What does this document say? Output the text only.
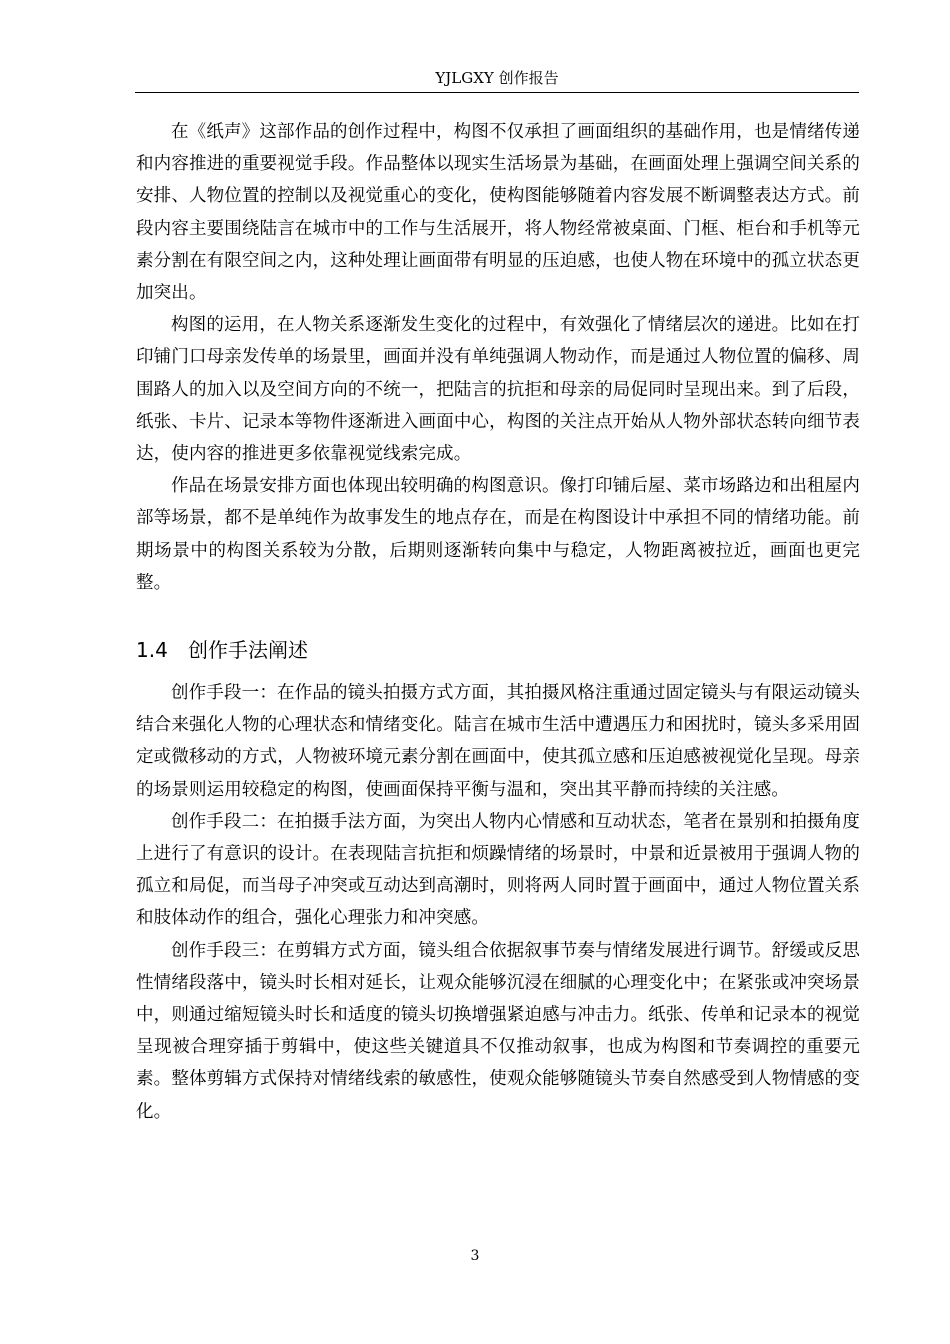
YJLGXY 创作报告

在《纸声》这部作品的创作过程中，构图不仅承担了画面组织的基础作用，也是情绪传递和内容推进的重要视觉手段。作品整体以现实生活场景为基础，在画面处理上强调空间关系的安排、人物位置的控制以及视觉重心的变化，使构图能够随着内容发展不断调整表达方式。前段内容主要围绕陆言在城市中的工作与生活展开，将人物经常被桌面、门框、柜台和手机等元素分割在有限空间之内，这种处理让画面带有明显的压迫感，也使人物在环境中的孤立状态更加突出。

构图的运用，在人物关系逐渐发生变化的过程中，有效强化了情绪层次的递进。比如在打印铺门口母亲发传单的场景里，画面并没有单纯强调人物动作，而是通过人物位置的偏移、周围路人的加入以及空间方向的不统一，把陆言的抗拒和母亲的局促同时呈现出来。到了后段，纸张、卡片、记录本等物件逐渐进入画面中心，构图的关注点开始从人物外部状态转向细节表达，使内容的推进更多依靠视觉线索完成。

作品在场景安排方面也体现出较明确的构图意识。像打印铺后屋、菜市场路边和出租屋内部等场景，都不是单纯作为故事发生的地点存在，而是在构图设计中承担不同的情绪功能。前期场景中的构图关系较为分散，后期则逐渐转向集中与稳定，人物距离被拉近，画面也更完整。

1.4 创作手法阐述

创作手段一：在作品的镜头拍摄方式方面，其拍摄风格注重通过固定镜头与有限运动镜头结合来强化人物的心理状态和情绪变化。陆言在城市生活中遭遇压力和困扰时，镜头多采用固定或微移动的方式，人物被环境元素分割在画面中，使其孤立感和压迫感被视觉化呈现。母亲的场景则运用较稳定的构图，使画面保持平衡与温和，突出其平静而持续的关注感。

创作手段二：在拍摄手法方面，为突出人物内心情感和互动状态，笔者在景别和拍摄角度上进行了有意识的设计。在表现陆言抗拒和烦躁情绪的场景时，中景和近景被用于强调人物的孤立和局促，而当母子冲突或互动达到高潮时，则将两人同时置于画面中，通过人物位置关系和肢体动作的组合，强化心理张力和冲突感。

创作手段三：在剪辑方式方面，镜头组合依据叙事节奏与情绪发展进行调节。舒缓或反思性情绪段落中，镜头时长相对延长，让观众能够沉浸在细腻的心理变化中；在紧张或冲突场景中，则通过缩短镜头时长和适度的镜头切换增强紧迫感与冲击力。纸张、传单和记录本的视觉呈现被合理穿插于剪辑中，使这些关键道具不仅推动叙事，也成为构图和节奏调控的重要元素。整体剪辑方式保持对情绪线索的敏感性，使观众能够随镜头节奏自然感受到人物情感的变化。

3
